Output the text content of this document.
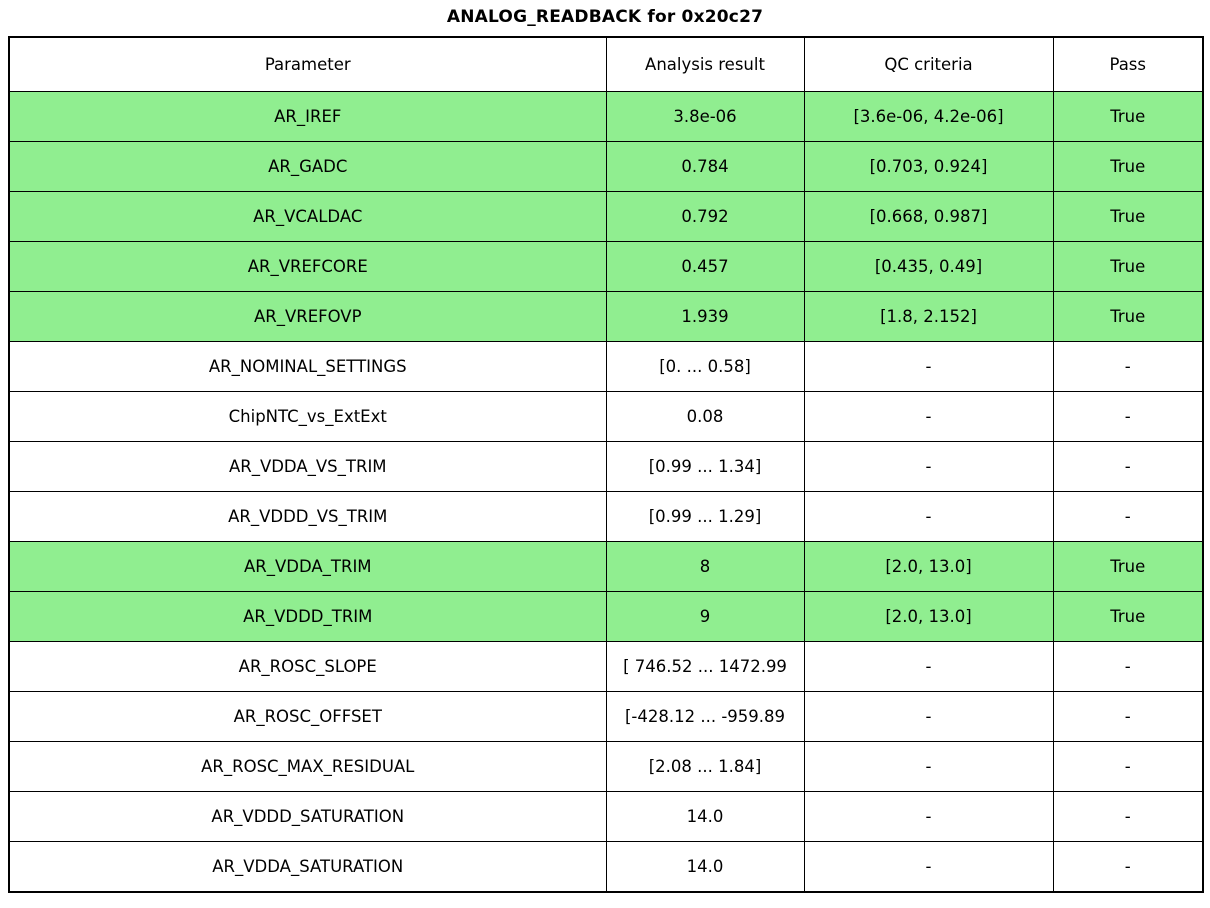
ANALOG_READBACK for 0x20c27
Parameter	Analysis result	QC criteria	Pass
AR_IREF	3.8e-06	[3.6e-06, 4.2e-06]	True
AR_GADC	0.784	[0.703, 0.924]	True
AR_VCALDAC	0.792	[0.668, 0.987]	True
AR_VREFCORE	0.457	[0.435, 0.49]	True
AR_VREFOVP	1.939	[1.8, 2.152]	True
AR_NOMINAL_SETTINGS	[0. ... 0.58]	-	-
ChipNTC_vs_ExtExt	0.08	-	-
AR_VDDA_VS_TRIM	[0.99 ... 1.34]	-	-
AR_VDDD_VS_TRIM	[0.99 ... 1.29]	-	-
AR_VDDA_TRIM	8	[2.0, 13.0]	True
AR_VDDD_TRIM	9	[2.0, 13.0]	True
AR_ROSC_SLOPE	[ 746.52 ... 1472.99	-	-
AR_ROSC_OFFSET	[-428.12 ... -959.89	-	-
AR_ROSC_MAX_RESIDUAL	[2.08 ... 1.84]	-	-
AR_VDDD_SATURATION	14.0	-	-
AR_VDDA_SATURATION	14.0	-	-
